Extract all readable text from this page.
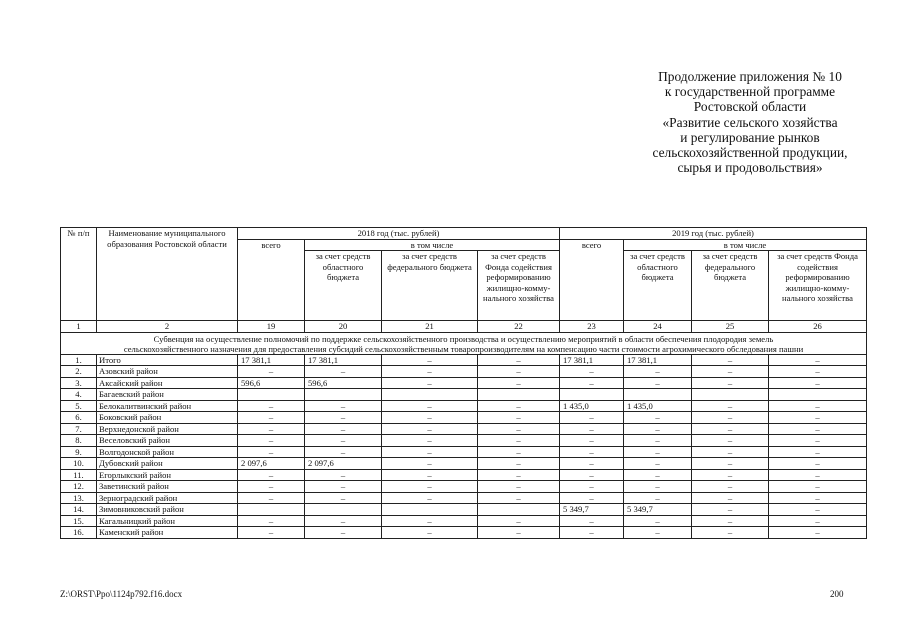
Продолжение приложения № 10
к государственной программе
Ростовской области
«Развитие сельского хозяйства
и регулирование рынков
сельскохозяйственной продукции,
сырья и продовольствия»
№ п/п	Наименование муниципального образования Ростовской области	2018 год (тыс. рублей)				2019 год (тыс. рублей)			
		всего	в том числе			всего	в том числе		
			за счет средств областного бюджета	за счет средств федерального бюджета	за счет средств Фонда содействия реформированию жилищно-комму-нального хозяйства		за счет средств областного бюджета	за счет средств федерального бюджета	за счет средств Фонда содействия реформированию жилищно-комму-нального хозяйства
1	2	19	20	21	22	23	24	25	26
Субвенция на осуществление полномочий по поддержке сельскохозяйственного производства и осуществлению мероприятий в области обеспечения плодородия земель сельскохозяйственного назначения для предоставления субсидий сельскохозяйственным товаропроизводителям на компенсацию части стоимости агрохимического обследования пашни									
1.	Итого	17 381,1	17 381,1	–	–	17 381,1	17 381,1	–	–
2.	Азовский район	–	–	–	–	–	–	–	–
3.	Аксайский район	596,6	596,6	–	–	–	–	–	–
4.	Багаевский район								
5.	Белокалитвинский район	–	–	–	–	1 435,0	1 435,0	–	–
6.	Боковский район	–	–	–	–	–	–	–	–
7.	Верхнедонской район	–	–	–	–	–	–	–	–
8.	Веселовский район	–	–	–	–	–	–	–	–
9.	Волгодонской район	–	–	–	–	–	–	–	–
10.	Дубовский район	2 097,6	2 097,6	–	–	–	–	–	–
11.	Егорлыкский район	–	–	–	–	–	–	–	–
12.	Заветинский район	–	–	–	–	–	–	–	–
13.	Зерноградский район	–	–	–	–	–	–	–	–
14.	Зимовниковский район					5 349,7	5 349,7	–	–
15.	Кагальницкий район	–	–	–	–	–	–	–	–
16.	Каменский район	–	–	–	–	–	–	–	–
Z:\ORST\Ppo\1124p792.f16.docx	200
